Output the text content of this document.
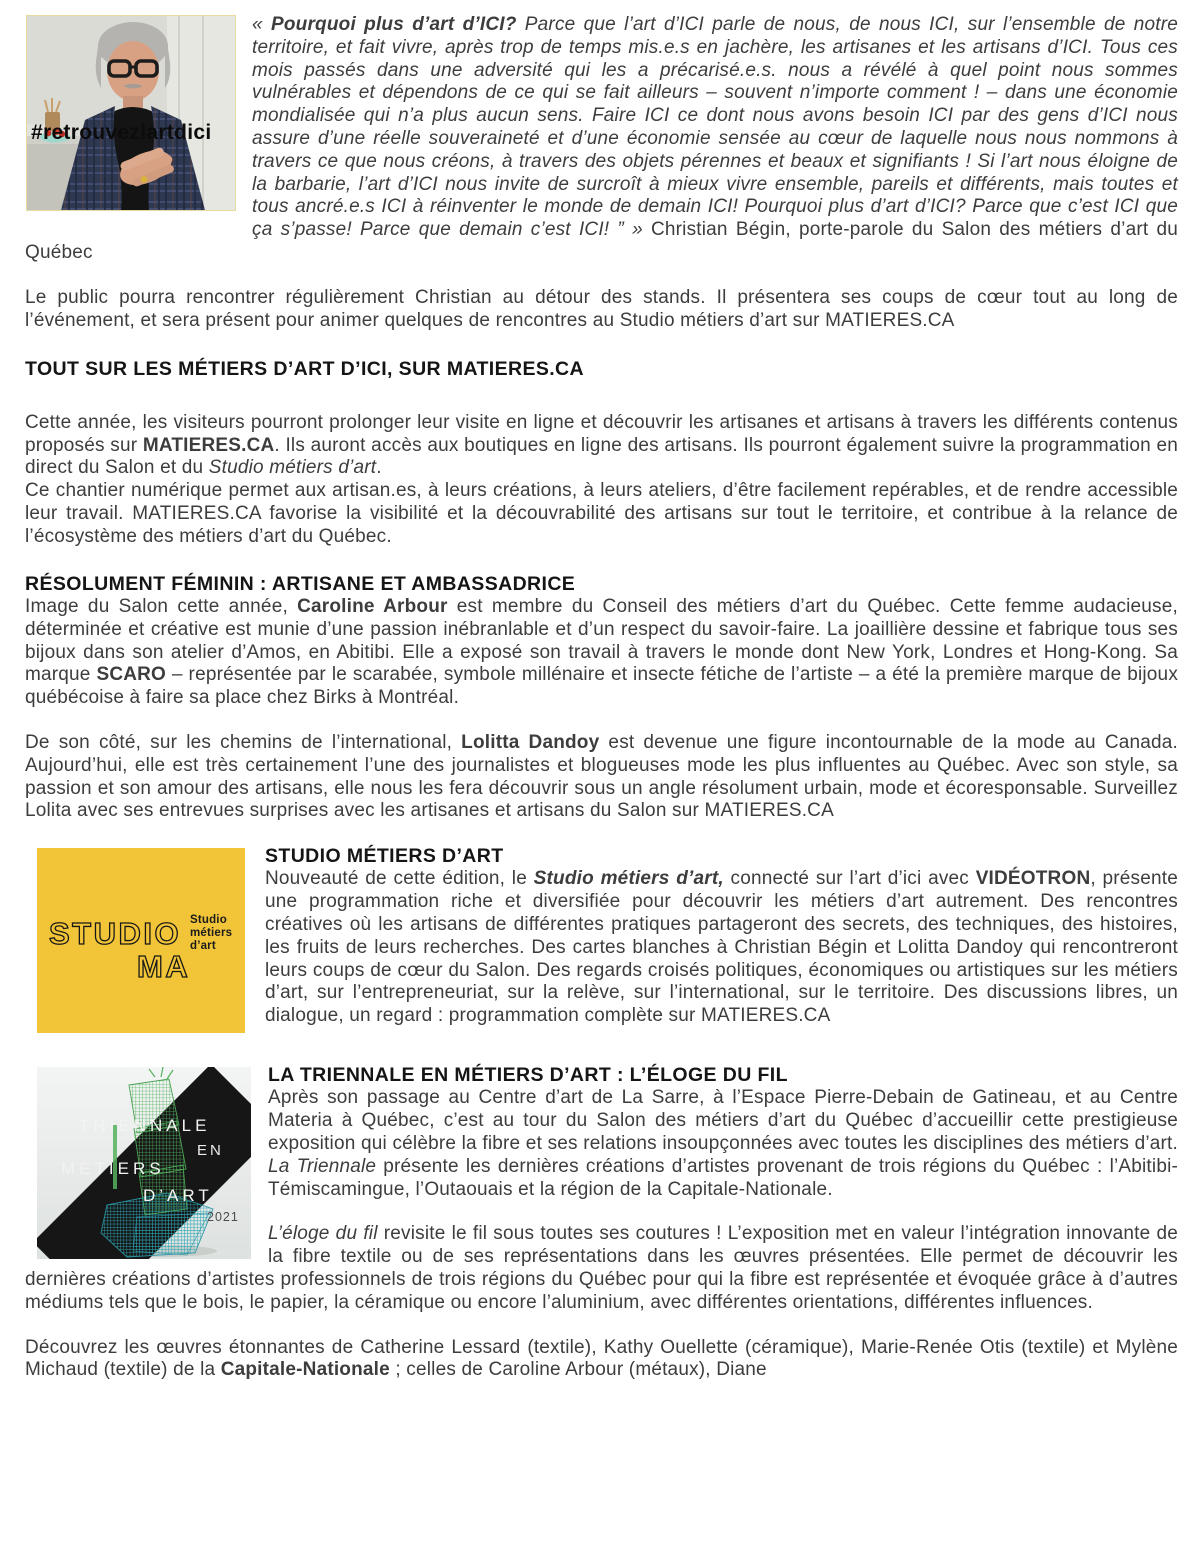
#retrouvezlartdici

« Pourquoi plus d’art d’ICI? Parce que l’art d’ICI parle de nous, de nous ICI, sur l’ensemble de notre territoire, et fait vivre, après trop de temps mis.e.s en jachère, les artisanes et les artisans d’ICI. Tous ces mois passés dans une adversité qui les a précarisé.e.s. nous a révélé à quel point nous sommes vulnérables et dépendons de ce qui se fait ailleurs – souvent n’importe comment ! – dans une économie mondialisée qui n’a plus aucun sens. Faire ICI ce dont nous avons besoin ICI par des gens d’ICI nous assure d’une réelle souveraineté et d’une économie sensée au cœur de laquelle nous nous nommons à travers ce que nous créons, à travers des objets pérennes et beaux et signifiants ! Si l’art nous éloigne de la barbarie, l’art d’ICI nous invite de surcroît à mieux vivre ensemble, pareils et différents, mais toutes et tous ancré.e.s ICI à réinventer le monde de demain ICI! Pourquoi plus d’art d’ICI? Parce que c’est ICI que ça s’passe! Parce que demain c’est ICI! ” » Christian Bégin, porte-parole du Salon des métiers d’art du Québec

Le public pourra rencontrer régulièrement Christian au détour des stands. Il présentera ses coups de cœur tout au long de l’événement, et sera présent pour animer quelques de rencontres au Studio métiers d’art sur MATIERES.CA

TOUT SUR LES MÉTIERS D’ART D’ICI, SUR MATIERES.CA

Cette année, les visiteurs pourront prolonger leur visite en ligne et découvrir les artisanes et artisans à travers les différents contenus proposés sur MATIERES.CA. Ils auront accès aux boutiques en ligne des artisans. Ils pourront également suivre la programmation en direct du Salon et du Studio métiers d’art.
Ce chantier numérique permet aux artisan.es, à leurs créations, à leurs ateliers, d’être facilement repérables, et de rendre accessible leur travail. MATIERES.CA favorise la visibilité et la découvrabilité des artisans sur tout le territoire, et contribue à la relance de l’écosystème des métiers d’art du Québec.

RÉSOLUMENT FÉMININ : ARTISANE ET AMBASSADRICE

Image du Salon cette année, Caroline Arbour est membre du Conseil des métiers d’art du Québec. Cette femme audacieuse, déterminée et créative est munie d’une passion inébranlable et d’un respect du savoir-faire. La joaillière dessine et fabrique tous ses bijoux dans son atelier d’Amos, en Abitibi. Elle a exposé son travail à travers le monde dont New York, Londres et Hong-Kong. Sa marque SCARO – représentée par le scarabée, symbole millénaire et insecte fétiche de l’artiste – a été la première marque de bijoux québécoise à faire sa place chez Birks à Montréal.

De son côté, sur les chemins de l’international, Lolitta Dandoy est devenue une figure incontournable de la mode au Canada. Aujourd’hui, elle est très certainement l’une des journalistes et blogueuses mode les plus influentes au Québec. Avec son style, sa passion et son amour des artisans, elle nous les fera découvrir sous un angle résolument urbain, mode et écoresponsable. Surveillez Lolita avec ses entrevues surprises avec les artisanes et artisans du Salon sur MATIERES.CA

STUDIO
MA
Studio
métiers
d’art
STUDIO MÉTIERS D’ART

Nouveauté de cette édition, le Studio métiers d’art, connecté sur l’art d’ici avec VIDÉOTRON, présente une programmation riche et diversifiée pour découvrir les métiers d’art autrement. Des rencontres créatives où les artisans de différentes pratiques partageront des secrets, des techniques, des histoires, les fruits de leurs recherches. Des cartes blanches à Christian Bégin et Lolitta Dandoy qui rencontreront leurs coups de cœur du Salon. Des regards croisés politiques, économiques ou artistiques sur les métiers d’art, sur l’entrepreneuriat, sur la relève, sur l’international, sur le territoire. Des discussions libres, un dialogue, un regard : programmation complète sur MATIERES.CA

TRIENNALE
EN
MÉTIERS
D’ART
2021
LA TRIENNALE EN MÉTIERS D’ART : L’ÉLOGE DU FIL

Après son passage au Centre d’art de La Sarre, à l’Espace Pierre-Debain de Gatineau, et au Centre Materia à Québec, c’est au tour du Salon des métiers d’art du Québec d’accueillir cette prestigieuse exposition qui célèbre la fibre et ses relations insoupçonnées avec toutes les disciplines des métiers d’art. La Triennale présente les dernières créations d’artistes provenant de trois régions du Québec : l’Abitibi-Témiscamingue, l’Outaouais et la région de la Capitale-Nationale.

L’éloge du fil revisite le fil sous toutes ses coutures ! L’exposition met en valeur l’intégration innovante de la fibre textile ou de ses représentations dans les œuvres présentées. Elle permet de découvrir les dernières créations d’artistes professionnels de trois régions du Québec pour qui la fibre est représentée et évoquée grâce à d’autres médiums tels que le bois, le papier, la céramique ou encore l’aluminium, avec différentes orientations, différentes influences.

Découvrez les œuvres étonnantes de Catherine Lessard (textile), Kathy Ouellette (céramique), Marie-Renée Otis (textile) et Mylène Michaud (textile) de la Capitale-Nationale ; celles de Caroline Arbour (métaux), Diane
